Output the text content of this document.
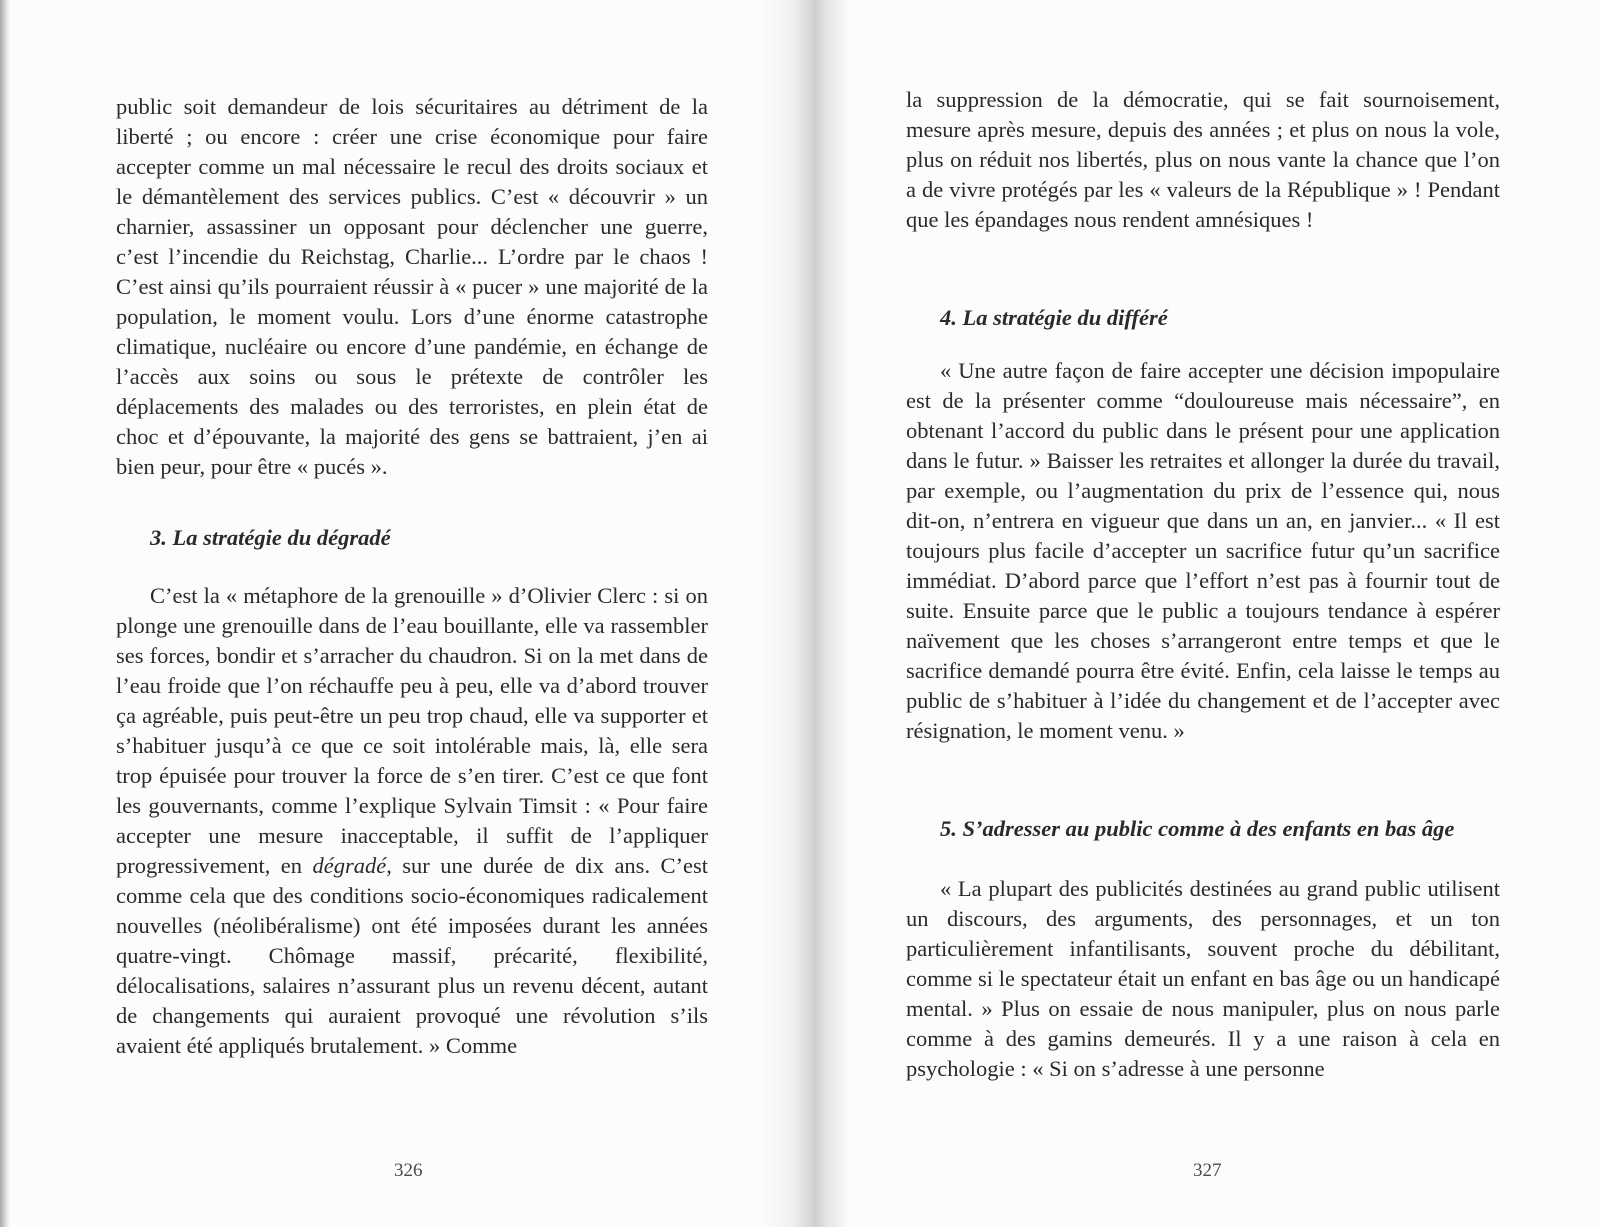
public soit demandeur de lois sécuritaires au détriment de la liberté ; ou encore : créer une crise économique pour faire accepter comme un mal nécessaire le recul des droits sociaux et le démantèlement des services publics. C’est « découvrir » un charnier, assassiner un opposant pour déclencher une guerre, c’est l’incendie du Reichstag, Charlie... L’ordre par le chaos ! C’est ainsi qu’ils pourraient réussir à « pucer » une majorité de la population, le moment voulu. Lors d’une énorme catastrophe climatique, nucléaire ou encore d’une pandémie, en échange de l’accès aux soins ou sous le prétexte de contrôler les déplacements des malades ou des terroristes, en plein état de choc et d’épouvante, la majorité des gens se battraient, j’en ai bien peur, pour être « pucés ».

3. La stratégie du dégradé

C’est la « métaphore de la grenouille » d’Olivier Clerc : si on plonge une grenouille dans de l’eau bouillante, elle va rassembler ses forces, bondir et s’arracher du chaudron. Si on la met dans de l’eau froide que l’on réchauffe peu à peu, elle va d’abord trouver ça agréable, puis peut-être un peu trop chaud, elle va supporter et s’habituer jusqu’à ce que ce soit intolérable mais, là, elle sera trop épuisée pour trouver la force de s’en tirer. C’est ce que font les gouvernants, comme l’explique Sylvain Timsit : « Pour faire accepter une mesure inacceptable, il suffit de l’appliquer progressivement, en dégradé, sur une durée de dix ans. C’est comme cela que des conditions socio-économiques radicalement nouvelles (néolibéralisme) ont été imposées durant les années quatre-vingt. Chômage massif, précarité, flexibilité, délocalisations, salaires n’assurant plus un revenu décent, autant de changements qui auraient provoqué une révolution s’ils avaient été appliqués brutalement. » Comme

326

la suppression de la démocratie, qui se fait sournoisement, mesure après mesure, depuis des années ; et plus on nous la vole, plus on réduit nos libertés, plus on nous vante la chance que l’on a de vivre protégés par les « valeurs de la République » ! Pendant que les épandages nous rendent amnésiques !

4. La stratégie du différé

« Une autre façon de faire accepter une décision impopulaire est de la présenter comme “douloureuse mais nécessaire”, en obtenant l’accord du public dans le présent pour une application dans le futur. » Baisser les retraites et allonger la durée du travail, par exemple, ou l’augmentation du prix de l’essence qui, nous dit-on, n’entrera en vigueur que dans un an, en janvier... « Il est toujours plus facile d’accepter un sacrifice futur qu’un sacrifice immédiat. D’abord parce que l’effort n’est pas à fournir tout de suite. Ensuite parce que le public a toujours tendance à espérer naïvement que les choses s’arrangeront entre temps et que le sacrifice demandé pourra être évité. Enfin, cela laisse le temps au public de s’habituer à l’idée du changement et de l’accepter avec résignation, le moment venu. »

5. S’adresser au public comme à des enfants en bas âge

« La plupart des publicités destinées au grand public utilisent un discours, des arguments, des personnages, et un ton particulièrement infantilisants, souvent proche du débilitant, comme si le spectateur était un enfant en bas âge ou un handicapé mental. » Plus on essaie de nous manipuler, plus on nous parle comme à des gamins demeurés. Il y a une raison à cela en psychologie : « Si on s’adresse à une personne

327
